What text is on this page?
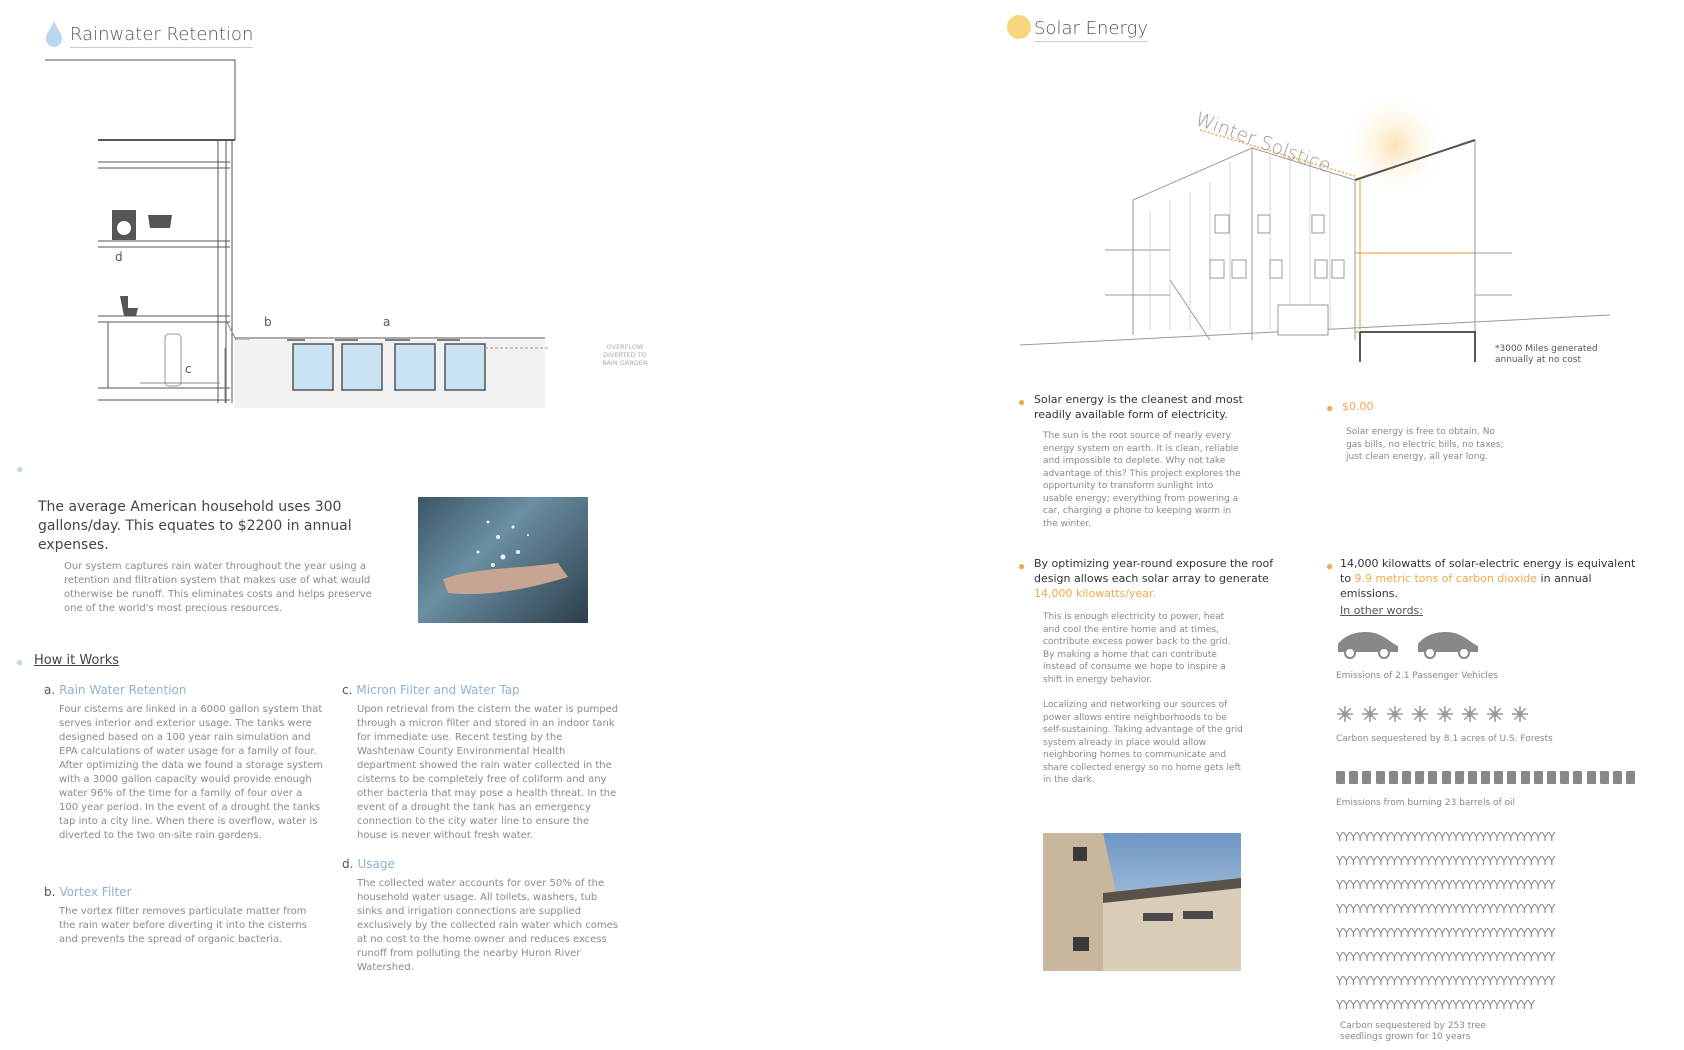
Rainwater Retention
b	a
c
d
OVERFLOW DIVERTED TO RAIN GARDEN
●
The average American household uses 300 gallons/day. This equates to $2200 in annual expenses.
Our system captures rain water throughout the year using a retention and filtration system that makes use of what would otherwise be runoff. This eliminates costs and helps preserve one of the world's most precious resources.
● How it Works
a. Rain Water Retention
Four cisterns are linked in a 6000 gallon system that serves interior and exterior usage. The tanks were designed based on a 100 year rain simulation and EPA calculations of water usage for a family of four. After optimizing the data we found a storage system with a 3000 gallon capacity would provide enough water 96% of the time for a family of four over a 100 year period. In the event of a drought the tanks tap into a city line. When there is overflow, water is diverted to the two on-site rain gardens.
b. Vortex Filter
The vortex filter removes particulate matter from the rain water before diverting it into the cisterns and prevents the spread of organic bacteria.
c. Micron Filter and Water Tap
Upon retrieval from the cistern the water is pumped through a micron filter and stored in an indoor tank for immediate use. Recent testing by the Washtenaw County Environmental Health department showed the rain water collected in the cisterns to be completely free of coliform and any other bacteria that may pose a health threat. In the event of a drought the tank has an emergency connection to the city water line to ensure the house is never without fresh water.
d. Usage
The collected water accounts for over 50% of the household water usage. All toilets, washers, tub sinks and irrigation connections are supplied exclusively by the collected rain water which comes at no cost to the home owner and reduces excess runoff from polluting the nearby Huron River Watershed.
Solar Energy
Winter Solstice
*3000 Miles generated annually at no cost
● Solar energy is the cleanest and most readily available form of electricity.
The sun is the root source of nearly every energy system on earth. It is clean, reliable and impossible to deplete. Why not take advantage of this? This project explores the opportunity to transform sunlight into usable energy; everything from powering a car, charging a phone to keeping warm in the winter.
● $0.00
Solar energy is free to obtain. No gas bills, no electric bills, no taxes; just clean energy, all year long.
● By optimizing year-round exposure the roof design allows each solar array to generate 14,000 kilowatts/year.
This is enough electricity to power, heat and cool the entire home and at times, contribute excess power back to the grid. By making a home that can contribute instead of consume we hope to inspire a shift in energy behavior.
Localizing and networking our sources of power allows entire neighborhoods to be self-sustaining. Taking advantage of the grid system already in place would allow neighboring homes to communicate and share collected energy so no home gets left in the dark.
● 14,000 kilowatts of solar-electric energy is equivalent to 9.9 metric tons of carbon dioxide in annual emissions.
In other words:
Emissions of 2.1 Passenger Vehicles
Carbon sequestered by 8.1 acres of U.S. Forests
Emissions from burning 23 barrels of oil
YYYYYYYYYYYYYYYYYYYYYYYYYYYYYYYY
YYYYYYYYYYYYYYYYYYYYYYYYYYYYYYYY
YYYYYYYYYYYYYYYYYYYYYYYYYYYYYYYY
YYYYYYYYYYYYYYYYYYYYYYYYYYYYYYYY
YYYYYYYYYYYYYYYYYYYYYYYYYYYYYYYY
YYYYYYYYYYYYYYYYYYYYYYYYYYYYYYYY
YYYYYYYYYYYYYYYYYYYYYYYYYYYYYYYY
YYYYYYYYYYYYYYYYYYYYYYYYYYYYY
Carbon sequestered by 253 tree seedlings grown for 10 years
